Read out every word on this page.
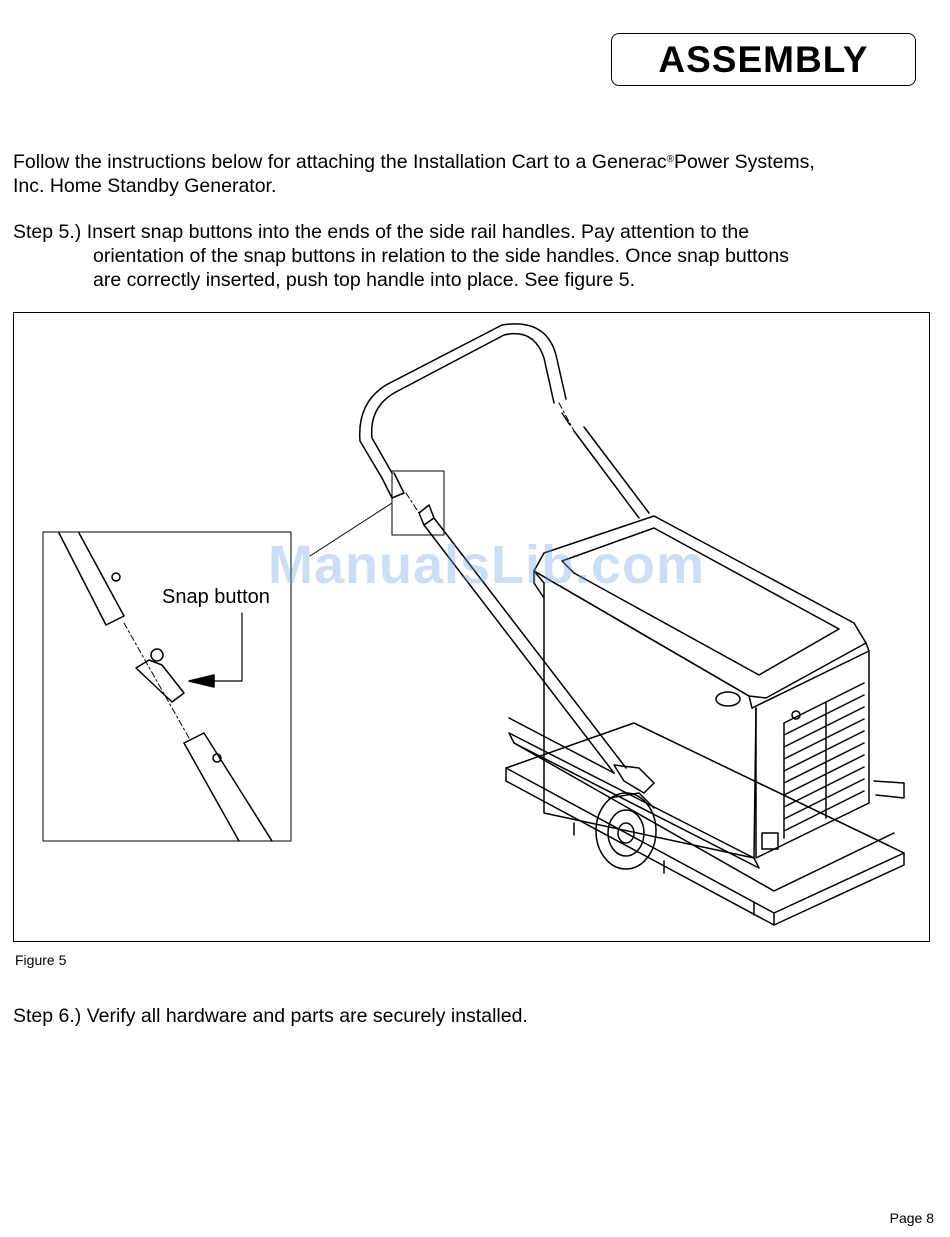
ASSEMBLY
Follow the instructions below for attaching the Installation Cart to a Generac®Power Systems,
Inc. Home Standby Generator.
Step 5.) Insert snap buttons into the ends of the side rail handles. Pay attention to the
orientation of the snap buttons in relation to the side handles. Once snap buttons
are correctly inserted, push top handle into place. See figure 5.
Snap button
ManualsLib.com
Figure 5
Step 6.) Verify all hardware and parts are securely installed.
Page 8
